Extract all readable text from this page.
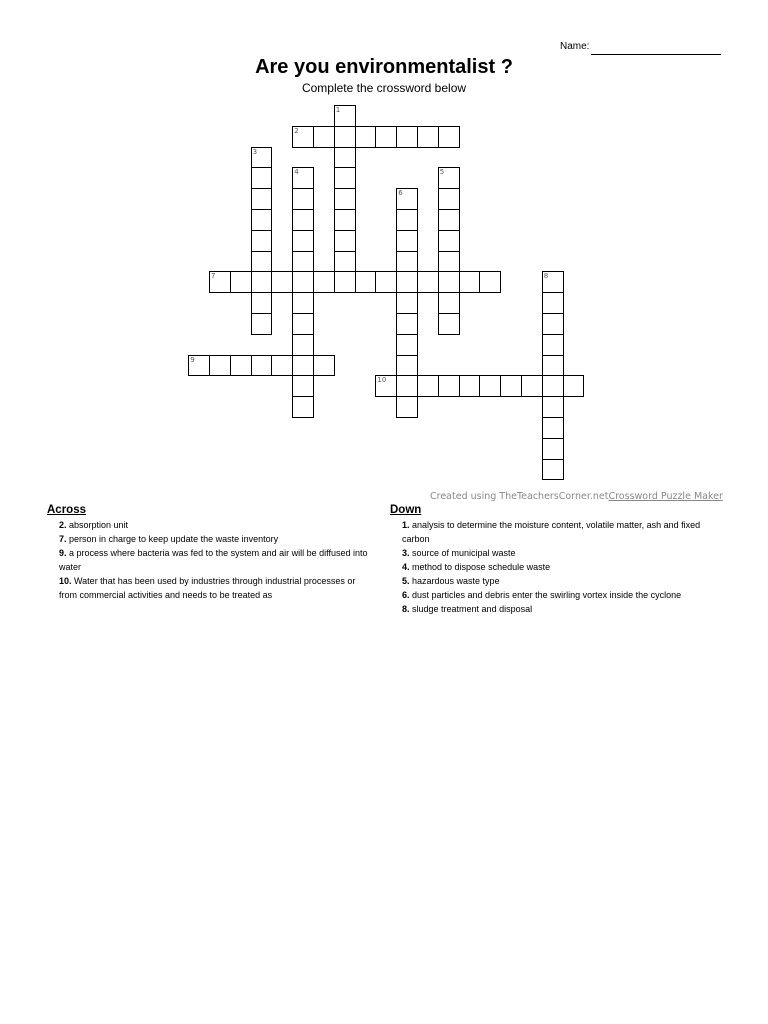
Name:
Are you environmentalist ?
Complete the crossword below
1
2
3
4	5
6
7	8
9
10
Created using TheTeachersCorner.netCrossword Puzzle Maker
Across
2. absorption unit
7. person in charge to keep update the waste inventory
9. a process where bacteria was fed to the system and air will be diffused into water
10. Water that has been used by industries through industrial processes or from commercial activities and needs to be treated as
Down
1. analysis to determine the moisture content, volatile matter, ash and fixed carbon
3. source of municipal waste
4. method to dispose schedule waste
5. hazardous waste type
6. dust particles and debris enter the swirling vortex inside the cyclone
8. sludge treatment and disposal
